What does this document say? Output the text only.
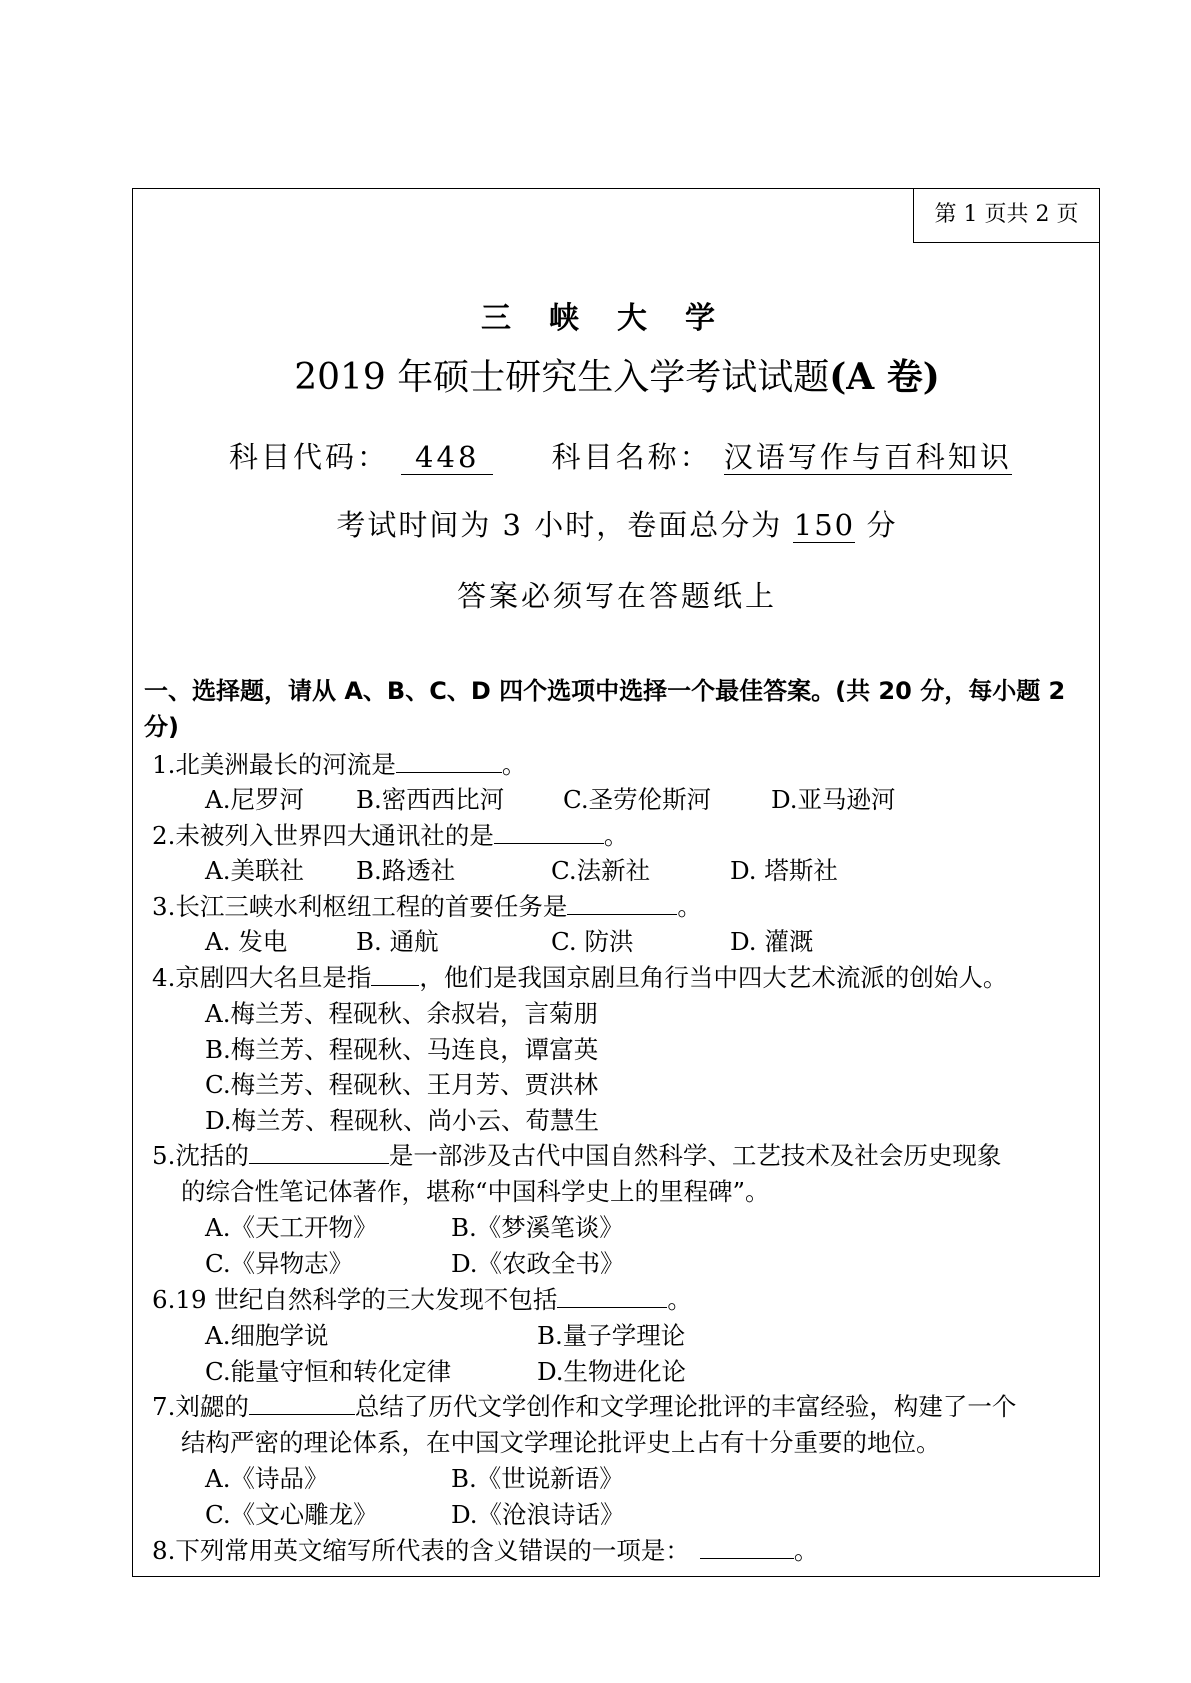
第 1 页共 2 页
三峡大学
2019 年硕士研究生入学考试试题(A 卷)
科目代码： 448  科目名称： 汉语写作与百科知识
考试时间为 3 小时，卷面总分为 150 分
答案必须写在答题纸上
一、选择题，请从 A、B、C、D 四个选项中选择一个最佳答案。(共 20 分，每小题 2 分)
1.北美洲最长的河流是	。
A.尼罗河 B.密西西比河 C.圣劳伦斯河 D.亚马逊河
2.未被列入世界四大通讯社的是	。
A.美联社 B.路透社	C.法新社	D. 塔斯社
3.长江三峡水利枢纽工程的首要任务是	。
A. 发电	B. 通航	C. 防洪	D. 灌溉
4.京剧四大名旦是指 ，他们是我国京剧旦角行当中四大艺术流派的创始人。
A.梅兰芳、程砚秋、余叔岩，言菊朋
B.梅兰芳、程砚秋、马连良，谭富英
C.梅兰芳、程砚秋、王月芳、贾洪林
D.梅兰芳、程砚秋、尚小云、荀慧生
5.沈括的	是一部涉及古代中国自然科学、工艺技术及社会历史现象
的综合性笔记体著作，堪称“中国科学史上的里程碑”。
A.《天工开物》	B.《梦溪笔谈》
C.《异物志》	D.《农政全书》
6.19 世纪自然科学的三大发现不包括	。
A.细胞学说	B.量子学理论
C.能量守恒和转化定律	D.生物进化论
7.刘勰的	总结了历代文学创作和文学理论批评的丰富经验，构建了一个
结构严密的理论体系，在中国文学理论批评史上占有十分重要的地位。
A.《诗品》	B.《世说新语》
C.《文心雕龙》	D.《沧浪诗话》
8.下列常用英文缩写所代表的含义错误的一项是：	。
